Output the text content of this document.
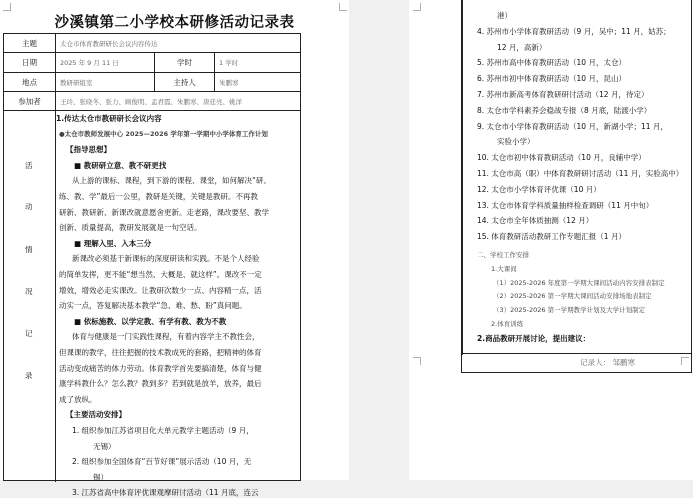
沙溪镇第二小学校本研修活动记录表
主题	太仓市体育教研研长会议内容传达
日期	2025 年 9 月 11 日	学时	1 学时
地点	教研研组室	主持人	朱鹏寒
参加者	王玲、张晓冬、张力、顾俊明、孟君霞、朱鹏寒、唐廷亮、姚洋
活
动
情
况
记
录
1.传达太仓市教研研长会议内容
●太仓市教师发展中心 2025—2026 学年第一学期中小学体育工作计划
【指导思想】
■ 教研研立意、教不研更找
从上游的课标、课程，到下游的课程、课堂，如何解决“研、
练、教、学”最后一公里，教研是关键，关键是教研。不再教
研新、教研新、新课改就意愿舍更新。走老路，课改要坚、教学
创新、质量提高，教研发展就是一句空话。
■ 理解入里、入本三分
新课改必须基于新课标的深度研读和实践。不是个人经验
的简单发挥，更不能“想当然、大概是、就这样”。课改不一定
增效，增效必走实课改。让教研次数少一点、内容精一点，活
动实一点，答复解决基本教学“急、难、愁、盼”真问题。
■ 依标施教、以学定教、有学有教、教为不教
体育与健康是一门实践性课程，有着内容学主不教性会，
但课课的教学，往往把握的技术教成死的套路，把精神的体育
活动变成痛苦的体力劳动。体育教学首先要搞清楚，体育与健
康学科教什么？怎么教？教到多？若到就是放羊，放养，最后
成了放纵。
【主要活动安排】
1. 组织参加江苏省项目化大单元教学主题活动（9 月，
无锡）
2. 组织参加全国体育“百节好课”展示活动（10 月，无
锡）
3. 江苏省高中体育评优课观摩研讨活动（11 月底，连云
记录人： 邹鹏寒
港）
4. 苏州市小学体育教研活动（9 月，吴中；11 月，姑苏；
12 月，高新）
5. 苏州市高中体育教研活动（10 月，太仓）
6. 苏州市初中体育教研活动（10 月，昆山）
7. 苏州市新高考体育教研研讨活动（12 月，待定）
8. 太仓市学科素养会稳战专报（8 月底，陆渡小学）
9. 太仓市小学体育教研活动（10 月，新湖小学；11 月，
实验小学）
10. 太仓市初中体育教研活动（10 月，良辅中学）
11. 太仓市高（职）中体育教研研讨活动（11 月，实验高中）
12. 太仓市小学体育评优课（10 月）
13. 太仓市体育学科质量抽样检查调研（11 月中旬）
14. 太仓市全年体质抽测（12 月）
15. 体育教研活动教研工作专题汇报（1 月）
二、学校工作安排
1.大课间
（1）2025-2026 年度第一学期大课间活动内容安排表制定
（2）2025-2026 第一学期大课间活动安排场地表制定
（3）2025-2026 第一学期教学计划及大学计划制定
2.体育训练
2.商品教研开展讨论，提出建议：
